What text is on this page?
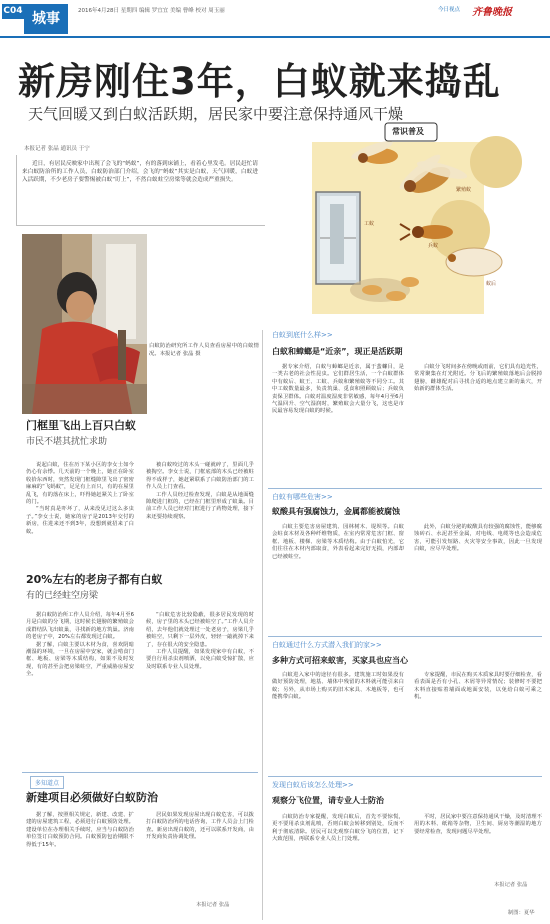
C04 城事	2016年4月28日 星期四 编辑 罗宜宜 美编 曹峰 校对 周玉丽	今日视点 齐鲁晚报
新房刚住3年，白蚁就来捣乱
天气回暖又到白蚁活跃期，居民家中要注意保持通风干燥
本报记者 张晶 通讯员 于宁

近日，有居民反映家中出现了会飞的“蚂蚁”，有的落到床铺上，看着心里发毛。居民赶忙请来白蚁防治所的工作人员，白蚁防治部门介绍，会飞的“蚂蚁”其实是白蚁，天气回暖，白蚁进入活跃期，不少老房子要警惕被白蚁“盯上”，不然白蚁蛀空房梁等就会造成严重损失。

白蚁防治研究所工作人员查看房屋中的白蚁情况。本报记者 张晶 摄
常识普及
工蚁
兵蚁
繁殖蚁
蚁后
门框里飞出上百只白蚁
市民不堪其扰忙求助

说起白蚁，住在历下某小区的李女士如今仍心有余悸。几天前的一个晚上，她正在卧室收拾东西时，突然发现门框缝隙里飞出了密密麻麻的“飞蚂蚁”，足足有上百只，有的在屋里乱飞，有的落在床上，吓得她赶紧关上了卧室的门。

“当时真是吓坏了，从来没见过这么多虫子。”李女士说，她家的房子是2013年交付的新房，住进来还不到3年，没想到就招来了白蚁。

被白蚁咬过的木头一碰就碎了，里面几乎被掏空。李女士说，门框底部的木头已经被蛀得不成样子，她赶紧联系了白蚁防治部门的工作人员上门查看。

工作人员经过检查发现，白蚁是从地面缝隙爬进门框的，已经在门框里形成了蚁巢。目前工作人员已经对门框进行了药物处理，接下来还要持续观察。

20%左右的老房子都有白蚁
有的已经蛀空房梁

据白蚁防治所工作人员介绍，每年4月至6月是白蚁的分飞期，这时候长翅膀的繁殖蚁会成群结队飞出蚁巢，寻找新的地方筑巢。济南的老房子中，20%左右都发现过白蚁。

据了解，白蚁主要以木材为食，喜欢阴暗潮湿的环境，一旦在房屋中安家，就会啃食门框、地板、房梁等木质结构，如果不及时发现，有的甚至会把房梁蛀空，严重威胁房屋安全。

“白蚁危害比较隐蔽，很多居民发现的时候，房子里的木头已经被蛀空了。”工作人员介绍，去年他们就处理过一处老房子，房梁几乎被蛀空，只剩下一层外皮，轻轻一敲就掉下来了，存在很大的安全隐患。

工作人员提醒，如果发现家中有白蚁，不要自行用杀虫剂喷洒，以免白蚁受惊扩散，应及时联系专业人员处理。

多知道点
新建项目必须做好白蚁防治

据了解，按照相关规定，新建、改建、扩建的房屋建筑工程，必须进行白蚁预防处理。建设单位在办理相关手续时，应当与白蚁防治单位签订白蚁预防合同。白蚁预防包治期限不得低于15年。

居民如果发现房屋出现白蚁危害，可以拨打白蚁防治所的电话咨询，工作人员会上门检查。新房出现白蚁的，还可以联系开发商，由开发商负责协调处理。

本报记者 张晶
白蚁到底什么样>>
白蚁和蟑螂是“近亲”，现正是活跃期

据专家介绍，白蚁与蟑螂是近亲，属于蜚蠊目，是一类古老的社会性昆虫。它们群居生活，一个白蚁群体中有蚁后、蚁王、工蚁、兵蚁和繁殖蚁等不同分工。其中工蚁数量最多，负责筑巢、觅食和照顾蚁后；兵蚁负责保卫群体。白蚁对温度湿度非常敏感，每年4月至6月气温回升、空气湿润时，繁殖蚁会大量分飞，这也是市民最容易发现白蚁的时候。

白蚁分飞时间多在傍晚或雨前，它们具有趋光性，常常聚集在灯光附近。分飞后的繁殖蚁落地后会脱掉翅膀，雌雄配对后寻找合适的地点建立新的巢穴，开始新的群体生活。

白蚁有哪些危害>>
蚁酸具有强腐蚀力，金属都能被腐蚀

白蚁主要危害房屋建筑、园林树木、堤坝等。白蚁会蛀食木材及各种纤维物质，在室内常常危害门框、窗框、地板、楼梯、房梁等木质结构。由于白蚁怕光，它们往往在木材内部取食，外表看起来完好无损，内部却已经被蛀空。

此外，白蚁分泌的蚁酸具有较强的腐蚀性，能够腐蚀砖石、水泥甚至金属，对电线、电缆等也会造成危害，可能引发短路、火灾等安全事故，因此一旦发现白蚁，应尽早处理。

白蚁通过什么方式潜入我们的家>>
多种方式可招来蚁害，买家具也应当心

白蚁进入家中的途径有很多。建筑施工时如果没有做好预防处理，地基、墙体中残留的木料就可能引来白蚁；另外，从市场上购买的旧木家具、木地板等，也可能携带白蚁。

专家提醒，市民在购买木质家具时要仔细检查，看看表面是否有小孔、木屑等异常情况；装修时不要把木料直接贴着墙面或地面安装，以免给白蚁可乘之机。

发现白蚁后该怎么处理>>
观察分飞位置，请专业人士防治

白蚁防治专家提醒，发现白蚁后，首先不要惊慌，更不要用杀虫剂乱喷，否则白蚁会转移到别处，反而不利于彻底清除。居民可以先观察白蚁分飞的位置，记下大致范围，再联系专业人员上门处理。

平时，居民家中要注意保持通风干燥，及时清理不用的木料、纸箱等杂物，卫生间、厨房等潮湿的地方要经常检查，发现问题尽早处理。

本报记者 张晶
制图：夏华
